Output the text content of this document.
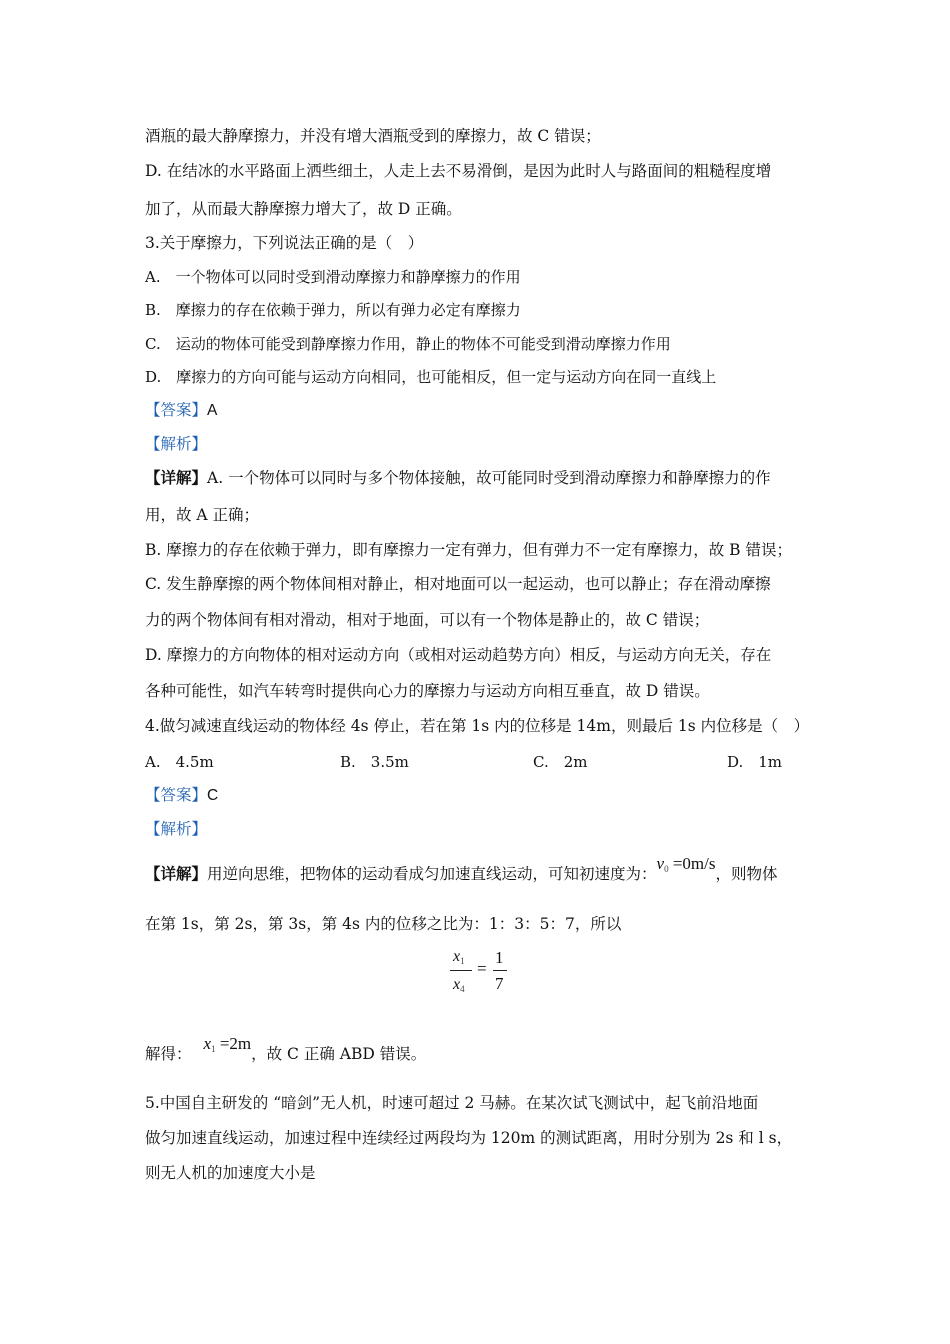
酒瓶的最大静摩擦力，并没有增大酒瓶受到的摩擦力，故 C 错误；
D. 在结冰的水平路面上洒些细土，人走上去不易滑倒，是因为此时人与路面间的粗糙程度增
加了，从而最大静摩擦力增大了，故 D 正确。
3.关于摩擦力，下列说法正确的是（　）
A.　一个物体可以同时受到滑动摩擦力和静摩擦力的作用
B.　摩擦力的存在依赖于弹力，所以有弹力必定有摩擦力
C.　运动的物体可能受到静摩擦力作用，静止的物体不可能受到滑动摩擦力作用
D.　摩擦力的方向可能与运动方向相同，也可能相反，但一定与运动方向在同一直线上
【答案】A
【解析】
【详解】A. 一个物体可以同时与多个物体接触，故可能同时受到滑动摩擦力和静摩擦力的作
用，故 A 正确；
B. 摩擦力的存在依赖于弹力，即有摩擦力一定有弹力，但有弹力不一定有摩擦力，故 B 错误；
C. 发生静摩擦的两个物体间相对静止，相对地面可以一起运动，也可以静止；存在滑动摩擦
力的两个物体间有相对滑动，相对于地面，可以有一个物体是静止的，故 C 错误；
D. 摩擦力的方向物体的相对运动方向（或相对运动趋势方向）相反，与运动方向无关，存在
各种可能性，如汽车转弯时提供向心力的摩擦力与运动方向相互垂直，故 D 错误。
4.做匀减速直线运动的物体经 4s 停止，若在第 1s 内的位移是 14m，则最后 1s 内位移是（　）
A.　4.5m	B.　3.5m	C.　2m	D.　1m
【答案】C
【解析】
【详解】用逆向思维，把物体的运动看成匀加速直线运动，可知初速度为：$v_0 =0m/s$，则物体
在第 1s，第 2s，第 3s，第 4s 内的位移之比为：1：3：5：7，所以
$x_1$
$x_4$
=
1
7
解得：$x_1 =2m$，故 C 正确 ABD 错误。
5.中国自主研发的 “暗剑”无人机，时速可超过 2 马赫。在某次试飞测试中，起飞前沿地面
做匀加速直线运动，加速过程中连续经过两段均为 120m 的测试距离，用时分别为 2s 和 l s，
则无人机的加速度大小是
